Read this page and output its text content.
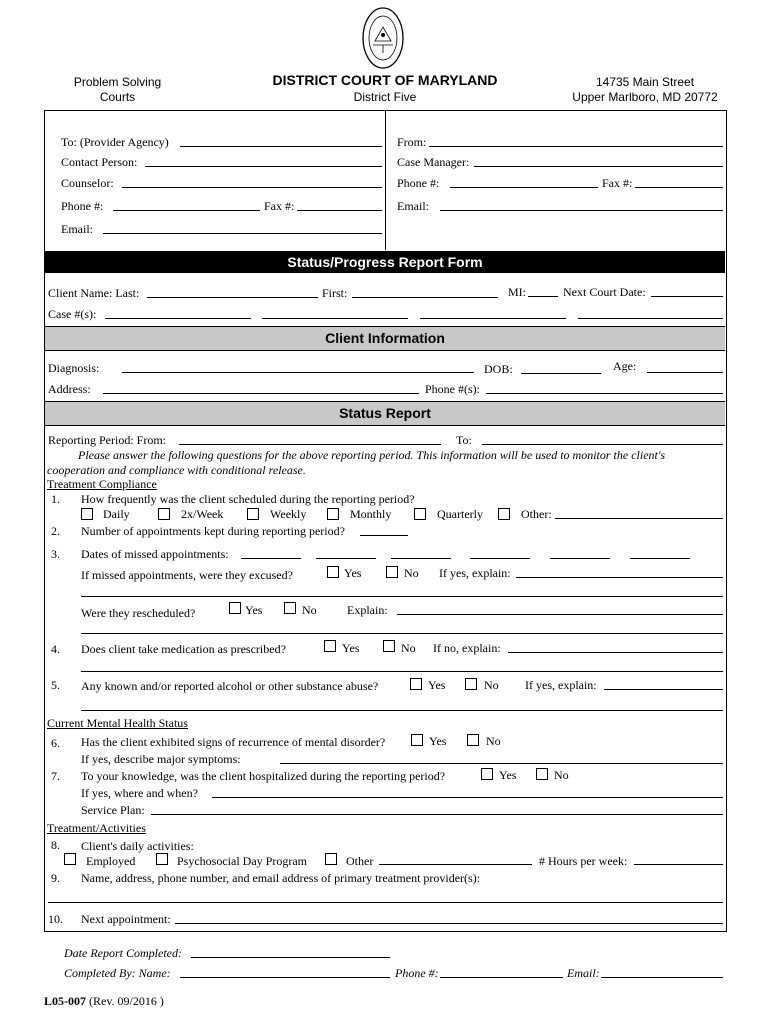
Problem Solving
Courts
DISTRICT COURT OF MARYLAND
District Five
14735 Main Street
Upper Marlboro, MD 20772
To: (Provider Agency)
Contact Person:
Counselor:
Phone #:	Fax #:
Email:
From:
Case Manager:
Phone #:	Fax #:
Email:
Status/Progress Report Form
Client Name: Last:	First:	MI:	Next Court Date:
Case #(s):
Client Information
Diagnosis:	DOB:	Age:
Address:	Phone #(s):
Status Report
Reporting Period: From:	To:
Please answer the following questions for the above reporting period. This information will be used to monitor the client's
cooperation and compliance with conditional release.
Treatment Compliance
1. How frequently was the client scheduled during the reporting period?
Daily	2x/Week	Weekly	Monthly	Quarterly	Other:
2. Number of appointments kept during reporting period?
3. Dates of missed appointments:
If missed appointments, were they excused?	Yes	No If yes, explain:
Were they rescheduled?	Yes	No	Explain:
4. Does client take medication as prescribed?	Yes	No If no, explain:
5. Any known and/or reported alcohol or other substance abuse?	Yes	No If yes, explain:
Current Mental Health Status
6. Has the client exhibited signs of recurrence of mental disorder?	Yes	No
If yes, describe major symptoms:
7. To your knowledge, was the client hospitalized during the reporting period?	Yes	No
If yes, where and when?
Service Plan:
Treatment/Activities
8. Client's daily activities:
Employed	Psychosocial Day Program	Other	# Hours per week:
9. Name, address, phone number, and email address of primary treatment provider(s):
10. Next appointment:
Date Report Completed:
Completed By: Name:	Phone #:	Email:
L05-007 (Rev. 09/2016 )
